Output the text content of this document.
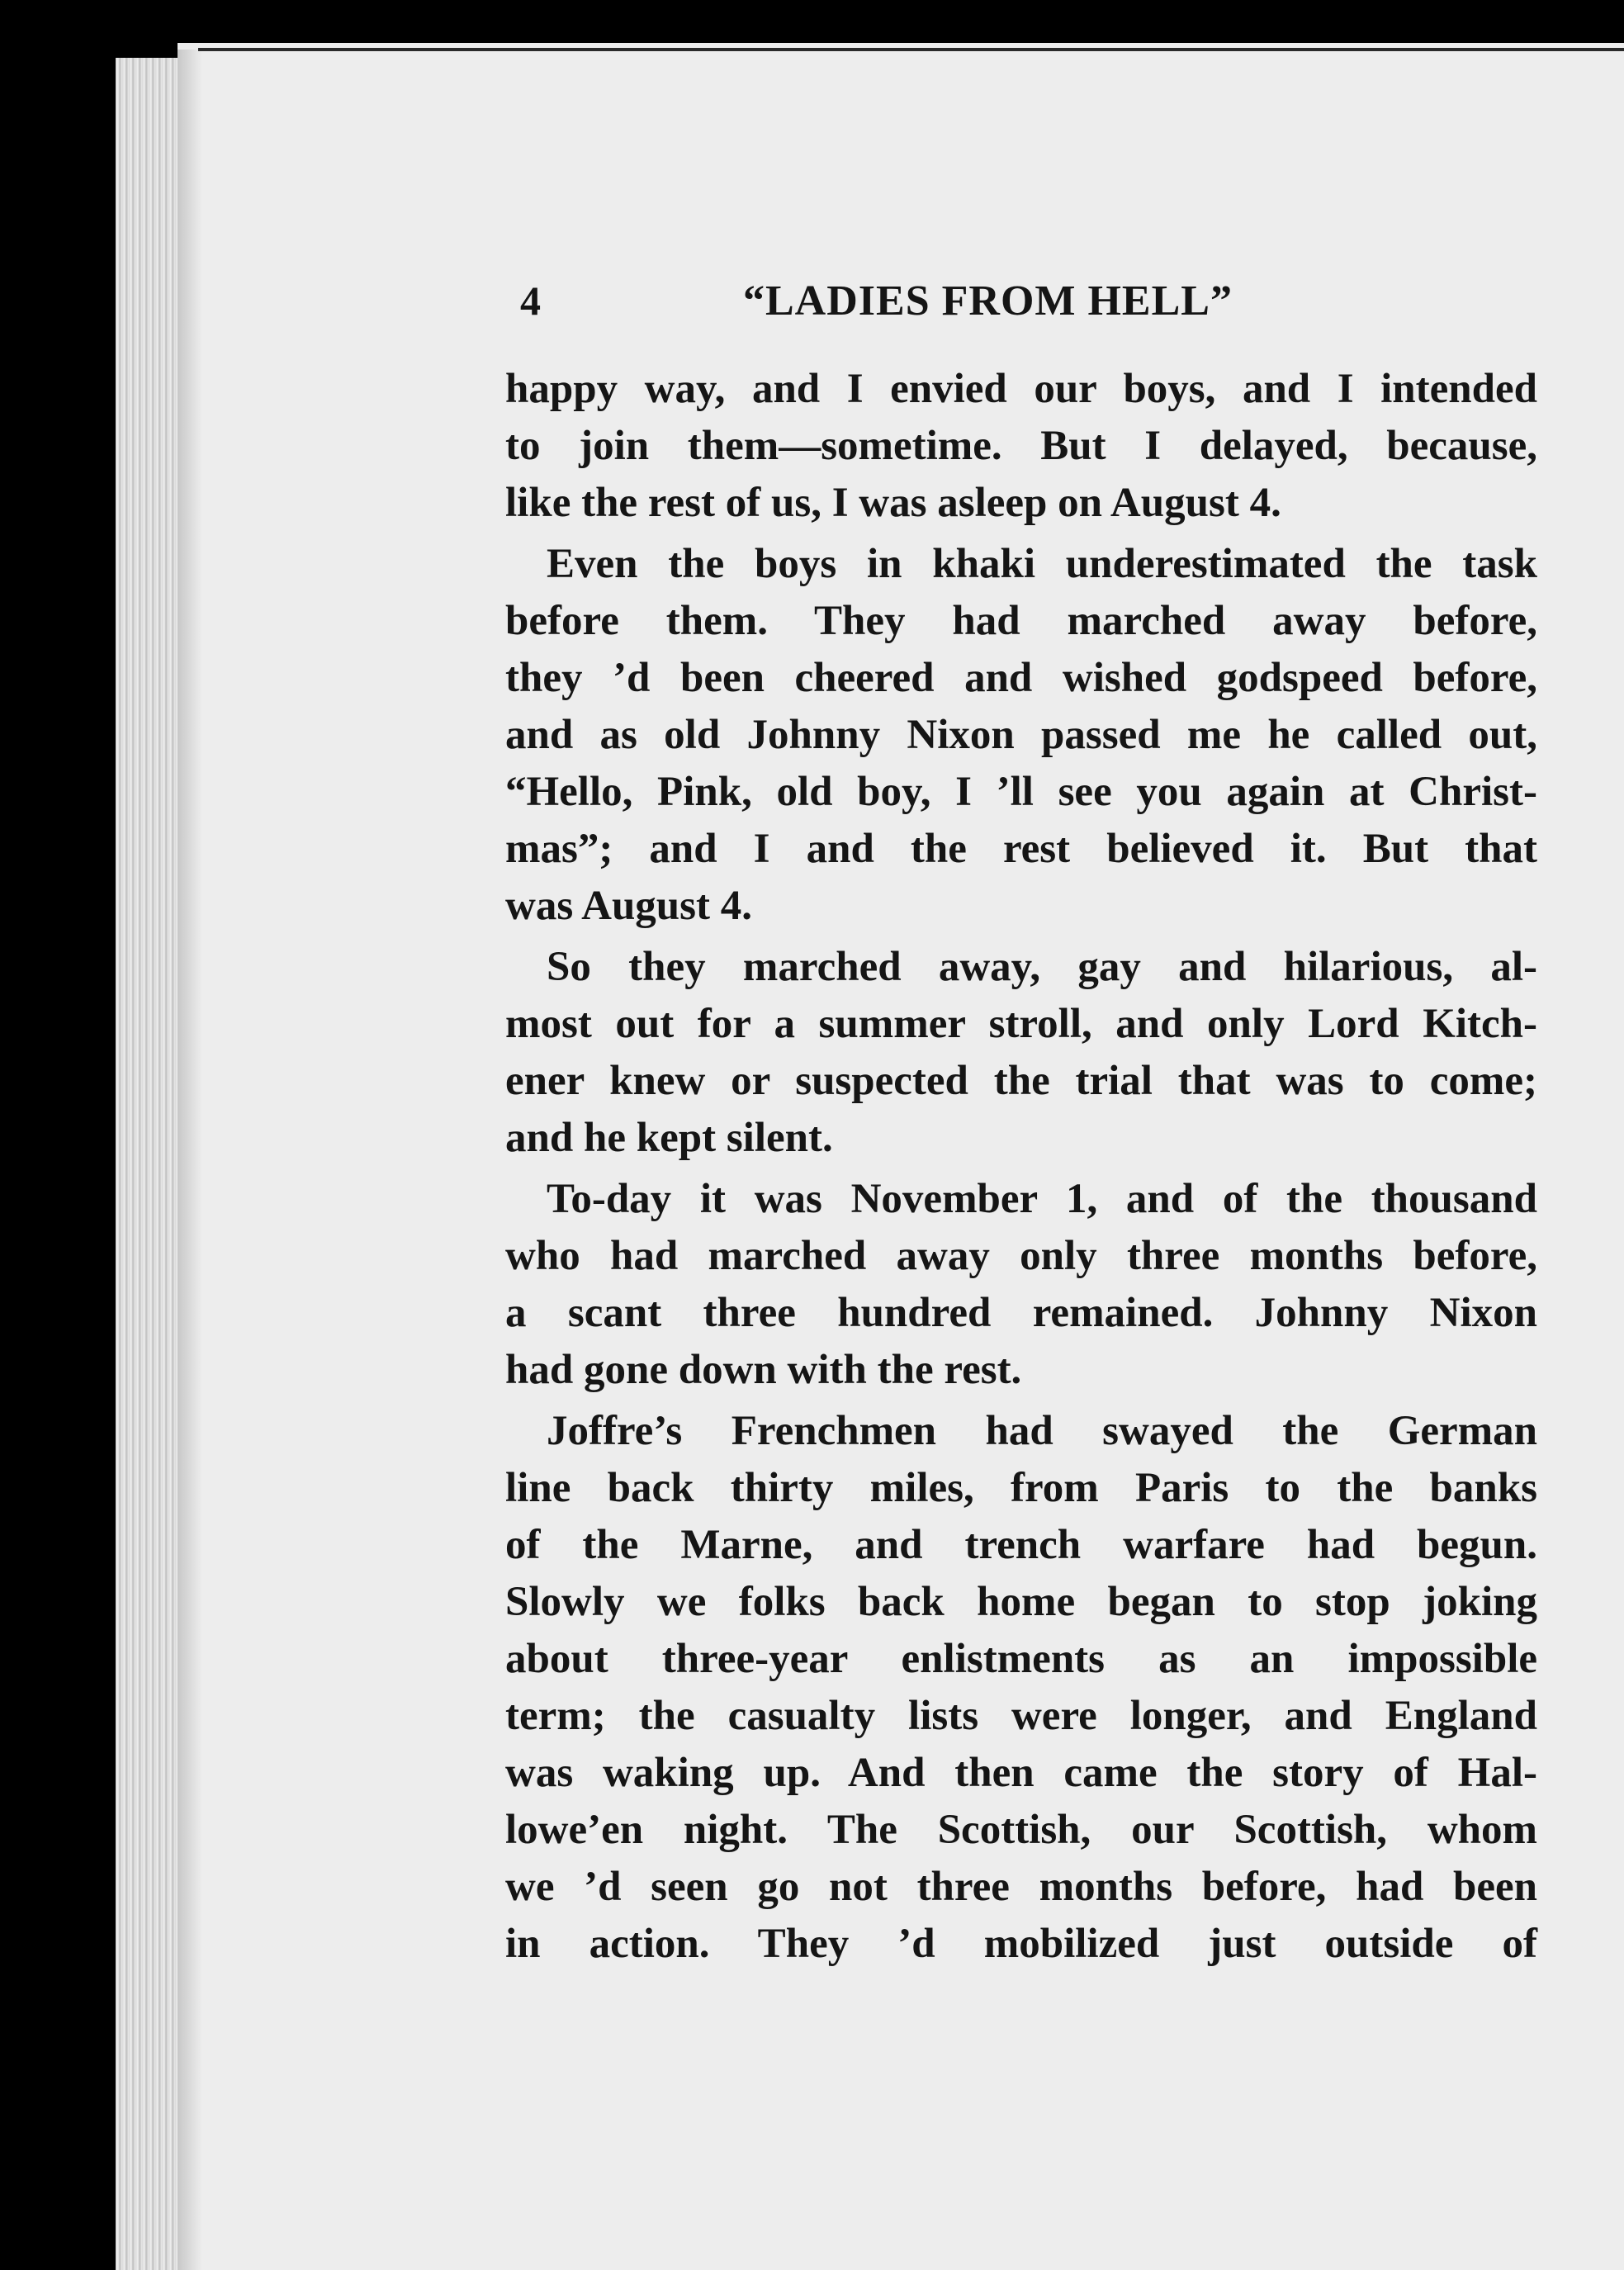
4	“LADIES FROM HELL”
happy way, and I envied our boys, and I intended
to join them—sometime. But I delayed, because,
like the rest of us, I was asleep on August 4.
Even the boys in khaki underestimated the task
before them. They had marched away before,
they ’d been cheered and wished godspeed before,
and as old Johnny Nixon passed me he called out,
“Hello, Pink, old boy, I ’ll see you again at Christ-
mas”; and I and the rest believed it. But that
was August 4.
So they marched away, gay and hilarious, al-
most out for a summer stroll, and only Lord Kitch-
ener knew or suspected the trial that was to come;
and he kept silent.
To-day it was November 1, and of the thousand
who had marched away only three months before,
a scant three hundred remained. Johnny Nixon
had gone down with the rest.
Joffre’s Frenchmen had swayed the German
line back thirty miles, from Paris to the banks
of the Marne, and trench warfare had begun.
Slowly we folks back home began to stop joking
about three-year enlistments as an impossible
term; the casualty lists were longer, and England
was waking up. And then came the story of Hal-
lowe’en night. The Scottish, our Scottish, whom
we ’d seen go not three months before, had been
in action. They ’d mobilized just outside of
